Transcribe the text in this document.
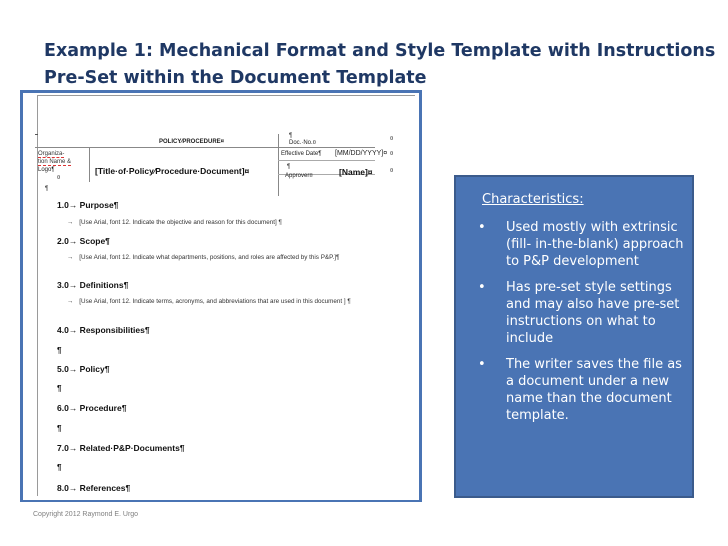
Example 1: Mechanical Format and Style Template with Instructions
Pre-Set within the Document Template
POLICY⁄PROCEDURE¤
¶
Doc.·No.¤
¤
Organiza-
tion Name &
Logo¶
¤
[Title·of·Policy⁄Procedure·Document]¤
Effective Date¶ [MM/DD/YYYY]¤ ¤
¶
Approver¤	[Name]¤	¤
¶
1.0→ Purpose¶
→ [Use Arial, font 12. Indicate the objective and reason for this document] ¶
2.0→ Scope¶
→ [Use Arial, font 12. Indicate what departments, positions, and roles are affected by this P&P.]¶
3.0→ Definitions¶
→ [Use Arial, font 12. Indicate terms, acronyms, and abbreviations that are used in this document ] ¶
4.0→ Responsibilities¶
¶
5.0→ Policy¶
¶
6.0→ Procedure¶
¶
7.0→ Related·P&P·Documents¶
¶
8.0→ References¶
Characteristics:
• Used mostly with extrinsic (fill- in-the-blank) approach to P&P development
• Has pre-set style settings and may also have pre-set instructions on what to include
• The writer saves the file as a document under a new name than the document template.
Copyright 2012 Raymond E. Urgo
